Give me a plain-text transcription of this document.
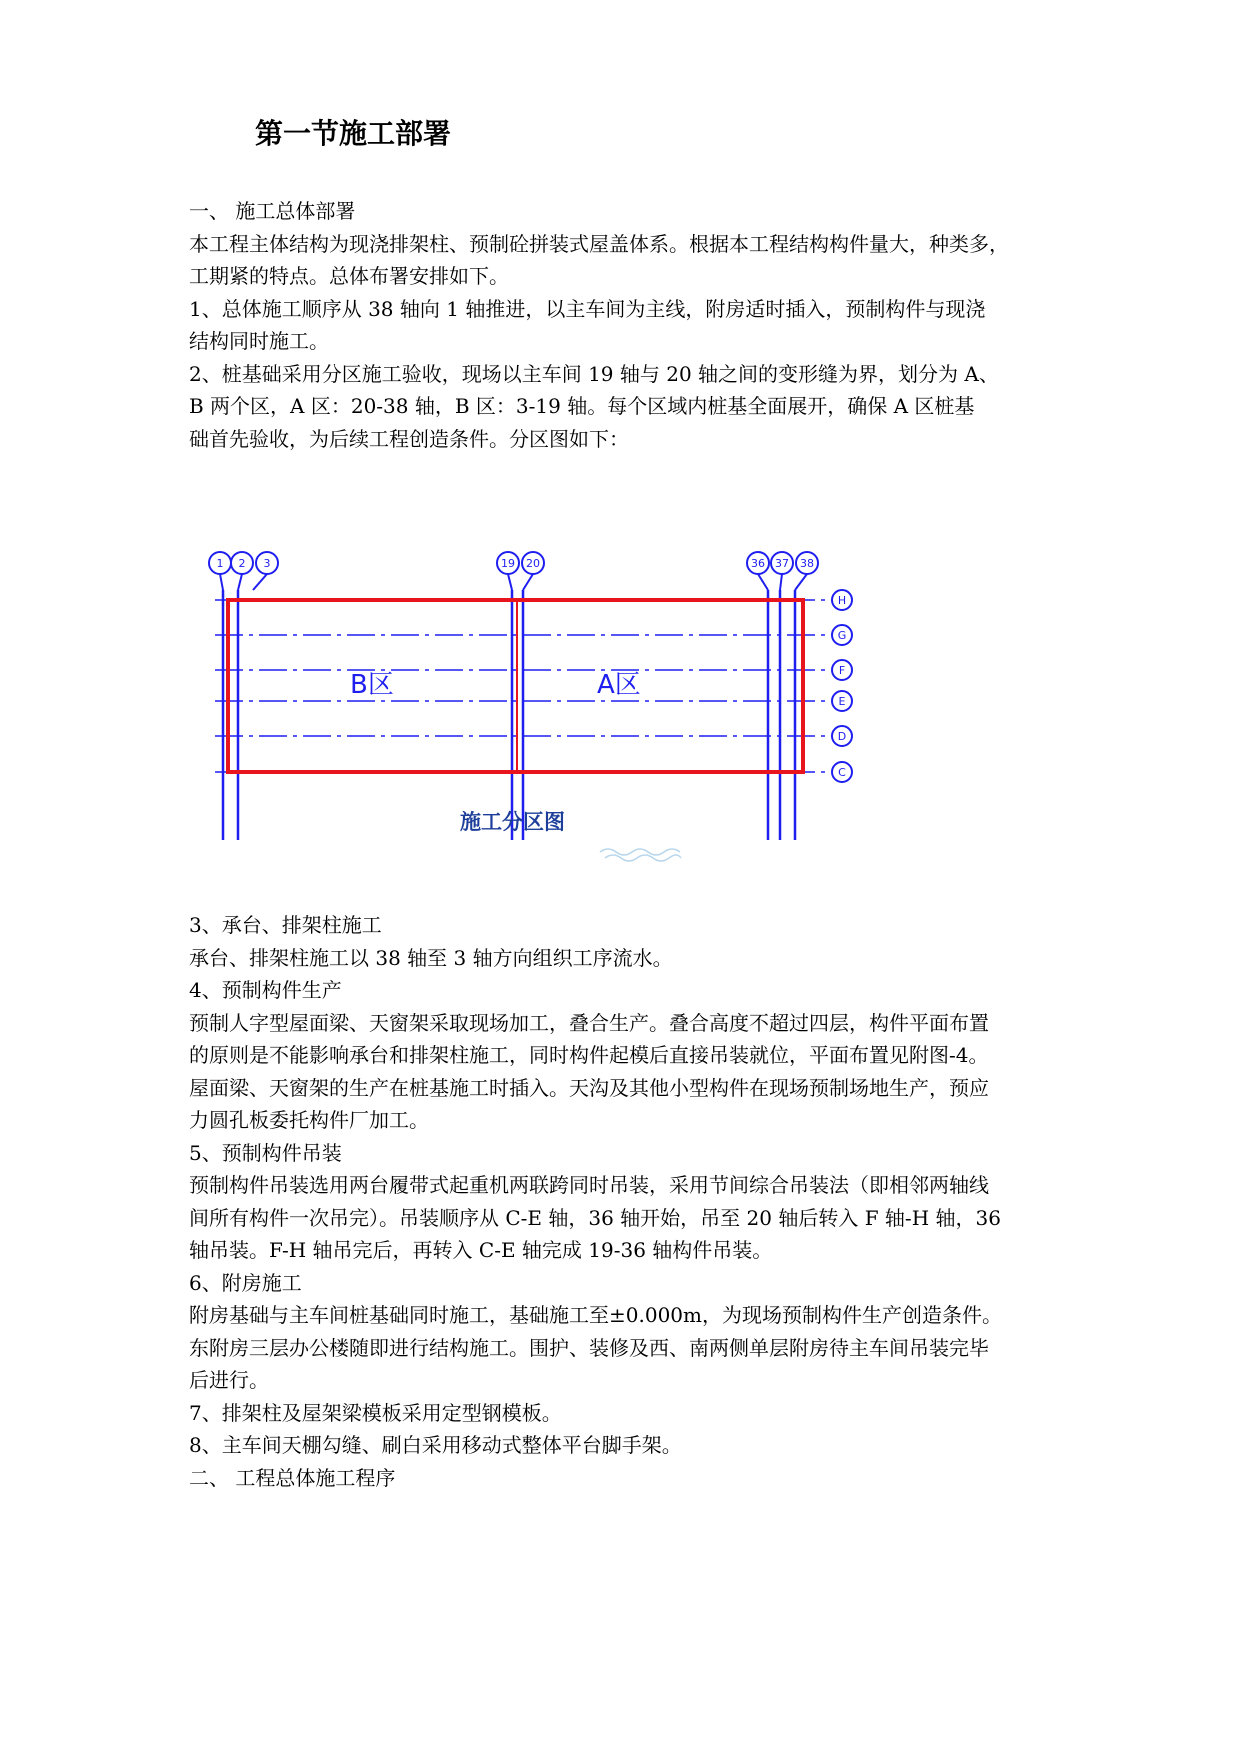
第一节施工部署
一、 施工总体部署
本工程主体结构为现浇排架柱、预制砼拼装式屋盖体系。根据本工程结构构件量大，种类多，
工期紧的特点。总体布署安排如下。
1、总体施工顺序从 38 轴向 1 轴推进，以主车间为主线，附房适时插入，预制构件与现浇
结构同时施工。
2、桩基础采用分区施工验收，现场以主车间 19 轴与 20 轴之间的变形缝为界，划分为 A、
B 两个区，A 区：20-38 轴，B 区：3-19 轴。每个区域内桩基全面展开，确保 A 区桩基
础首先验收，为后续工程创造条件。分区图如下：
1 2 3	19 20	36 37 38
H
G
F
E
D
C
B区	A区
施工分区图
3、承台、排架柱施工
承台、排架柱施工以 38 轴至 3 轴方向组织工序流水。
4、预制构件生产
预制人字型屋面梁、天窗架采取现场加工，叠合生产。叠合高度不超过四层，构件平面布置
的原则是不能影响承台和排架柱施工，同时构件起模后直接吊装就位，平面布置见附图-4。
屋面梁、天窗架的生产在桩基施工时插入。天沟及其他小型构件在现场预制场地生产，预应
力圆孔板委托构件厂加工。
5、预制构件吊装
预制构件吊装选用两台履带式起重机两联跨同时吊装，采用节间综合吊装法（即相邻两轴线
间所有构件一次吊完）。吊装顺序从 C-E 轴，36 轴开始，吊至 20 轴后转入 F 轴-H 轴，36
轴吊装。F-H 轴吊完后，再转入 C-E 轴完成 19-36 轴构件吊装。
6、附房施工
附房基础与主车间桩基础同时施工，基础施工至±0.000m，为现场预制构件生产创造条件。
东附房三层办公楼随即进行结构施工。围护、装修及西、南两侧单层附房待主车间吊装完毕
后进行。
7、排架柱及屋架梁模板采用定型钢模板。
8、主车间天棚勾缝、刷白采用移动式整体平台脚手架。
二、 工程总体施工程序
